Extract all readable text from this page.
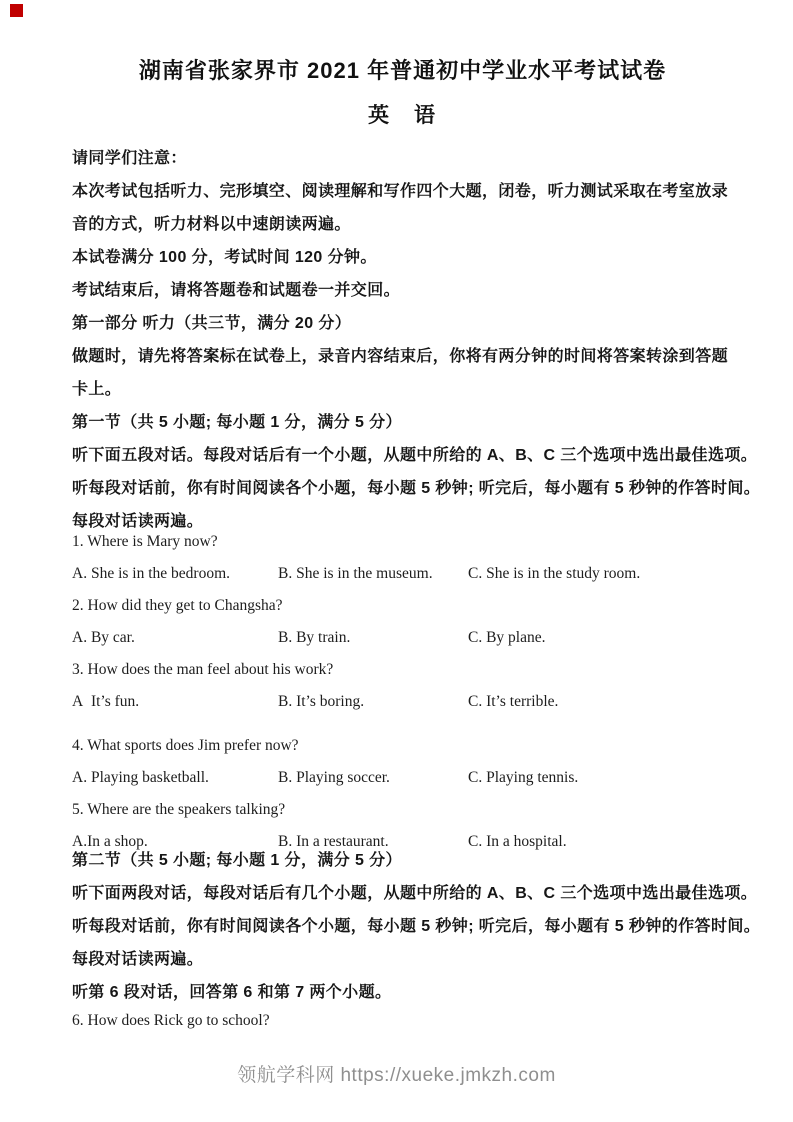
湖南省张家界市 2021 年普通初中学业水平考试试卷
英　语
请同学们注意：
本次考试包括听力、完形填空、阅读理解和写作四个大题，闭卷，听力测试采取在考室放录
音的方式，听力材料以中速朗读两遍。
本试卷满分 100 分，考试时间 120 分钟。
考试结束后，请将答题卷和试题卷一并交回。
第一部分 听力（共三节，满分 20 分）
做题时，请先将答案标在试卷上，录音内容结束后，你将有两分钟的时间将答案转涂到答题
卡上。
第一节（共 5 小题; 每小题 1 分，满分 5 分）
听下面五段对话。每段对话后有一个小题，从题中所给的 A、B、C 三个选项中选出最佳选项。
听每段对话前，你有时间阅读各个小题，每小题 5 秒钟; 听完后，每小题有 5 秒钟的作答时间。
每段对话读两遍。
1. Where is Mary now?
A. She is in the bedroom.	B. She is in the museum.	C. She is in the study room.
2. How did they get to Changsha?
A. By car.	B. By train.	C. By plane.
3. How does the man feel about his work?
A  It’s fun.	B. It’s boring.	C. It’s terrible.
4. What sports does Jim prefer now?
A. Playing basketball.	B. Playing soccer.	C. Playing tennis.
5. Where are the speakers talking?
A.In a shop.	B. In a restaurant.	C. In a hospital.
第二节（共 5 小题; 每小题 1 分，满分 5 分）
听下面两段对话，每段对话后有几个小题，从题中所给的 A、B、C 三个选项中选出最佳选项。
听每段对话前，你有时间阅读各个小题，每小题 5 秒钟; 听完后，每小题有 5 秒钟的作答时间。
每段对话读两遍。
听第 6 段对话，回答第 6 和第 7 两个小题。
6. How does Rick go to school?
领航学科网 https://xueke.jmkzh.com
